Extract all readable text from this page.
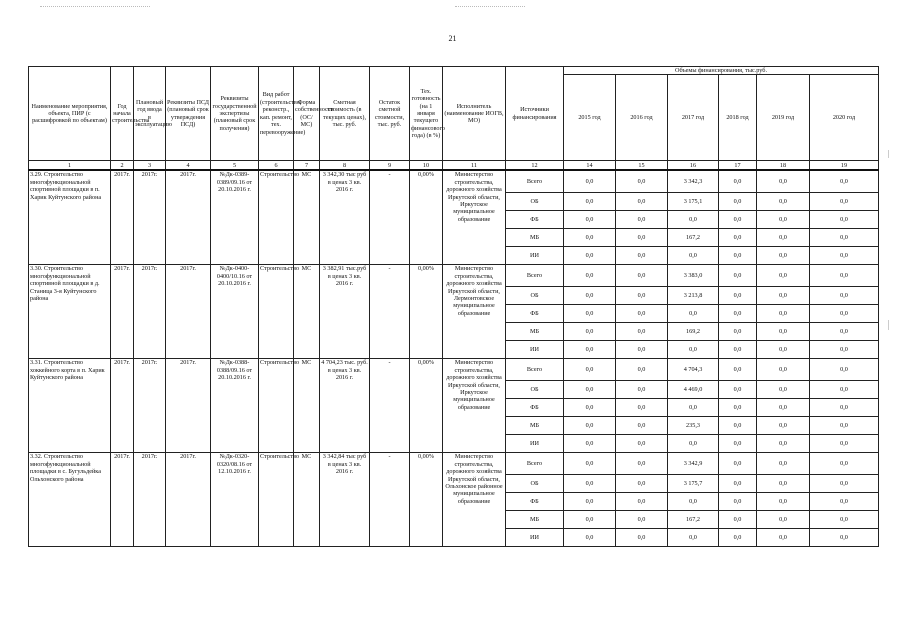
21
Наименование мероприятия, объекта, ПИР (с расшифровкой по объектам)	Год начала строительства	Плановый год ввода в эксплуатацию	Реквизиты ПСД (плановый срок утверждения ПСД)	Реквизиты государственной экспертизы (плановый срок получения)	Вид работ (строительство, реконстр., кап. ремонт, тех. перевооружение)	Форма собственности (ОС/МС)	Сметная стоимость (в текущих ценах), тыс. руб.	Остаток сметной стоимости, тыс. руб.	Тех. готовность (на 1 января текущего финансового года) (в %)	Исполнитель (наименование ИОГВ, МО)	Источники финансирования	Объемы финансирования, тыс.руб.					
												2015 год	2016 год	2017 год	2018 год	2019 год	2020 год
1	2	3	4	5	6	7	8	9	10	11	12	14	15	16	17	18	19
3.29. Строительство многофункциональной спортивной площадки в п. Харик Куйтунского района	2017г.	2017г.	2017г.	№Дк-0389-0389/09.16 от 20.10.2016 г.	Строительство	МС	3 342,30 тыс руб в ценах 3 кв. 2016 г.	-	0,00%	Министерство строительства, дорожного хозяйства Иркутской области, Иркутское муниципальное образование	Всего	0,0	0,0	3 342,3	0,0	0,0	0,0
											ОБ	0,0	0,0	3 175,1	0,0	0,0	0,0
											ФБ	0,0	0,0	0,0	0,0	0,0	0,0
											МБ	0,0	0,0	167,2	0,0	0,0	0,0
											ИИ	0,0	0,0	0,0	0,0	0,0	0,0
3.30. Строительство многофункциональной спортивной площадки в д. Станица 3-я Куйтунского района	2017г.	2017г.	2017г.	№Дк-0400-0400/10.16 от 20.10.2016 г.	Строительство	МС	3 382,91 тыс.руб в ценах 3 кв. 2016 г.	-	0,00%	Министерство строительства, дорожного хозяйства Иркутской области, Лермонтовское муниципальное образование	Всего	0,0	0,0	3 383,0	0,0	0,0	0,0
											ОБ	0,0	0,0	3 213,8	0,0	0,0	0,0
											ФБ	0,0	0,0	0,0	0,0	0,0	0,0
											МБ	0,0	0,0	169,2	0,0	0,0	0,0
											ИИ	0,0	0,0	0,0	0,0	0,0	0,0
3.31. Строительство хоккейного корта в п. Харик Куйтунского района	2017г.	2017г.	2017г.	№Дк-0388-0388/09.16 от 20.10.2016 г.	Строительство	МС	4 704,23 тыс. руб. в ценах 3 кв. 2016 г.	-	0,00%	Министерство строительства, дорожного хозяйства Иркутской области, Иркутское муниципальное образование	Всего	0,0	0,0	4 704,3	0,0	0,0	0,0
											ОБ	0,0	0,0	4 469,0	0,0	0,0	0,0
											ФБ	0,0	0,0	0,0	0,0	0,0	0,0
											МБ	0,0	0,0	235,3	0,0	0,0	0,0
											ИИ	0,0	0,0	0,0	0,0	0,0	0,0
3.32. Строительство многофункциональной площадки в с. Бугульдейка Ольхонского района	2017г.	2017г.	2017г.	№Дк-0320-0320/08.16 от 12.10.2016 г.	Строительство	МС	3 342,84 тыс руб в ценах 3 кв. 2016 г.	-	0,00%	Министерство строительства, дорожного хозяйства Иркутской области, Ольхонское районное муниципальное образование	Всего	0,0	0,0	3 342,9	0,0	0,0	0,0
											ОБ	0,0	0,0	3 175,7	0,0	0,0	0,0
											ФБ	0,0	0,0	0,0	0,0	0,0	0,0
											МБ	0,0	0,0	167,2	0,0	0,0	0,0
											ИИ	0,0	0,0	0,0	0,0	0,0	0,0
